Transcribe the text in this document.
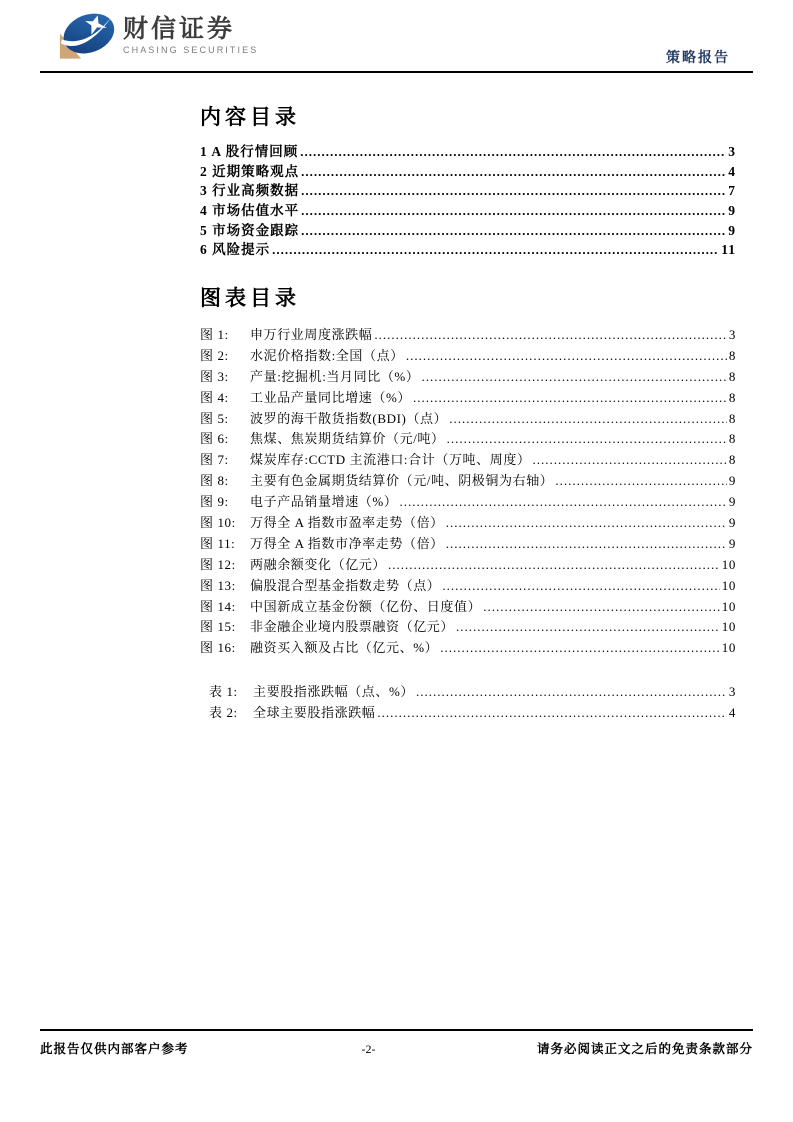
财信证券
CHASING SECURITIES
策略报告
内容目录
1 A 股行情回顾 .....	3
2 近期策略观点 .....	4
3 行业高频数据 .....	7
4 市场估值水平 .....	9
5 市场资金跟踪 .....	9
6 风险提示 .....	11
图表目录
图 1:	申万行业周度涨跌幅 .....	3
图 2:	水泥价格指数:全国（点） .....	8
图 3:	产量:挖掘机:当月同比（%） .....	8
图 4:	工业品产量同比增速（%） .....	8
图 5:	波罗的海干散货指数(BDI)（点） .....	8
图 6:	焦煤、焦炭期货结算价（元/吨） .....	8
图 7:	煤炭库存:CCTD 主流港口:合计（万吨、周度） .....	8
图 8:	主要有色金属期货结算价（元/吨、阴极铜为右轴） .....	9
图 9:	电子产品销量增速（%） .....	9
图 10:	万得全 A 指数市盈率走势（倍） .....	9
图 11:	万得全 A 指数市净率走势（倍） .....	9
图 12:	两融余额变化（亿元） .....	10
图 13:	偏股混合型基金指数走势（点） .....	10
图 14:	中国新成立基金份额（亿份、日度值） .....	10
图 15:	非金融企业境内股票融资（亿元） .....	10
图 16:	融资买入额及占比（亿元、%） .....	10
表 1:	主要股指涨跌幅（点、%） .....	3
表 2:	全球主要股指涨跌幅 .....	4
此报告仅供内部客户参考	-2-	请务必阅读正文之后的免责条款部分
